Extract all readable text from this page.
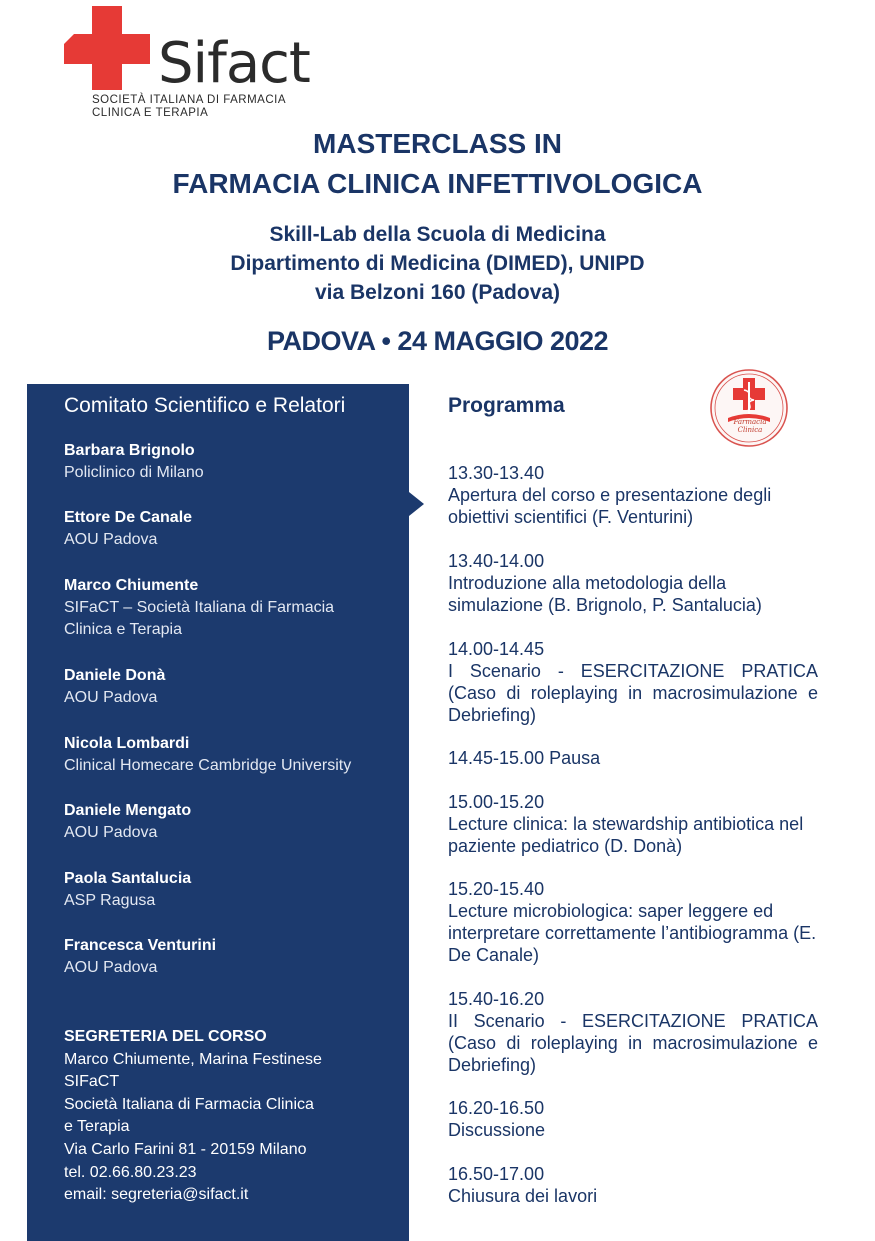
Sifact
SOCIETÀ ITALIANA DI FARMACIA
CLINICA E TERAPIA
MASTERCLASS IN
FARMACIA CLINICA INFETTIVOLOGICA
Skill-Lab della Scuola di Medicina
Dipartimento di Medicina (DIMED), UNIPD
via Belzoni 160 (Padova)
PADOVA • 24 MAGGIO 2022
Comitato Scientifico e Relatori
Barbara Brignolo
Policlinico di Milano
Ettore De Canale
AOU Padova
Marco Chiumente
SIFaCT – Società Italiana di Farmacia
Clinica e Terapia
Daniele Donà
AOU Padova
Nicola Lombardi
Clinical Homecare Cambridge University
Daniele Mengato
AOU Padova
Paola Santalucia
ASP Ragusa
Francesca Venturini
AOU Padova
SEGRETERIA DEL CORSO
Marco Chiumente, Marina Festinese
SIFaCT
Società Italiana di Farmacia Clinica
e Terapia
Via Carlo Farini 81 - 20159 Milano
tel. 02.66.80.23.23
email: segreteria@sifact.it
Programma
Farmacia Clinica
13.30-13.40
Apertura del corso e presentazione degli obiettivi scientifici (F. Venturini)
13.40-14.00
Introduzione alla metodologia della simulazione (B. Brignolo, P. Santalucia)
14.00-14.45
I Scenario - ESERCITAZIONE PRATICA (Caso di roleplaying in macrosimulazione e Debriefing)
14.45-15.00 Pausa
15.00-15.20
Lecture clinica: la stewardship antibiotica nel paziente pediatrico (D. Donà)
15.20-15.40
Lecture microbiologica: saper leggere ed interpretare correttamente l’antibiogramma (E. De Canale)
15.40-16.20
II Scenario - ESERCITAZIONE PRATICA (Caso di roleplaying in macrosimulazione e Debriefing)
16.20-16.50
Discussione
16.50-17.00
Chiusura dei lavori
